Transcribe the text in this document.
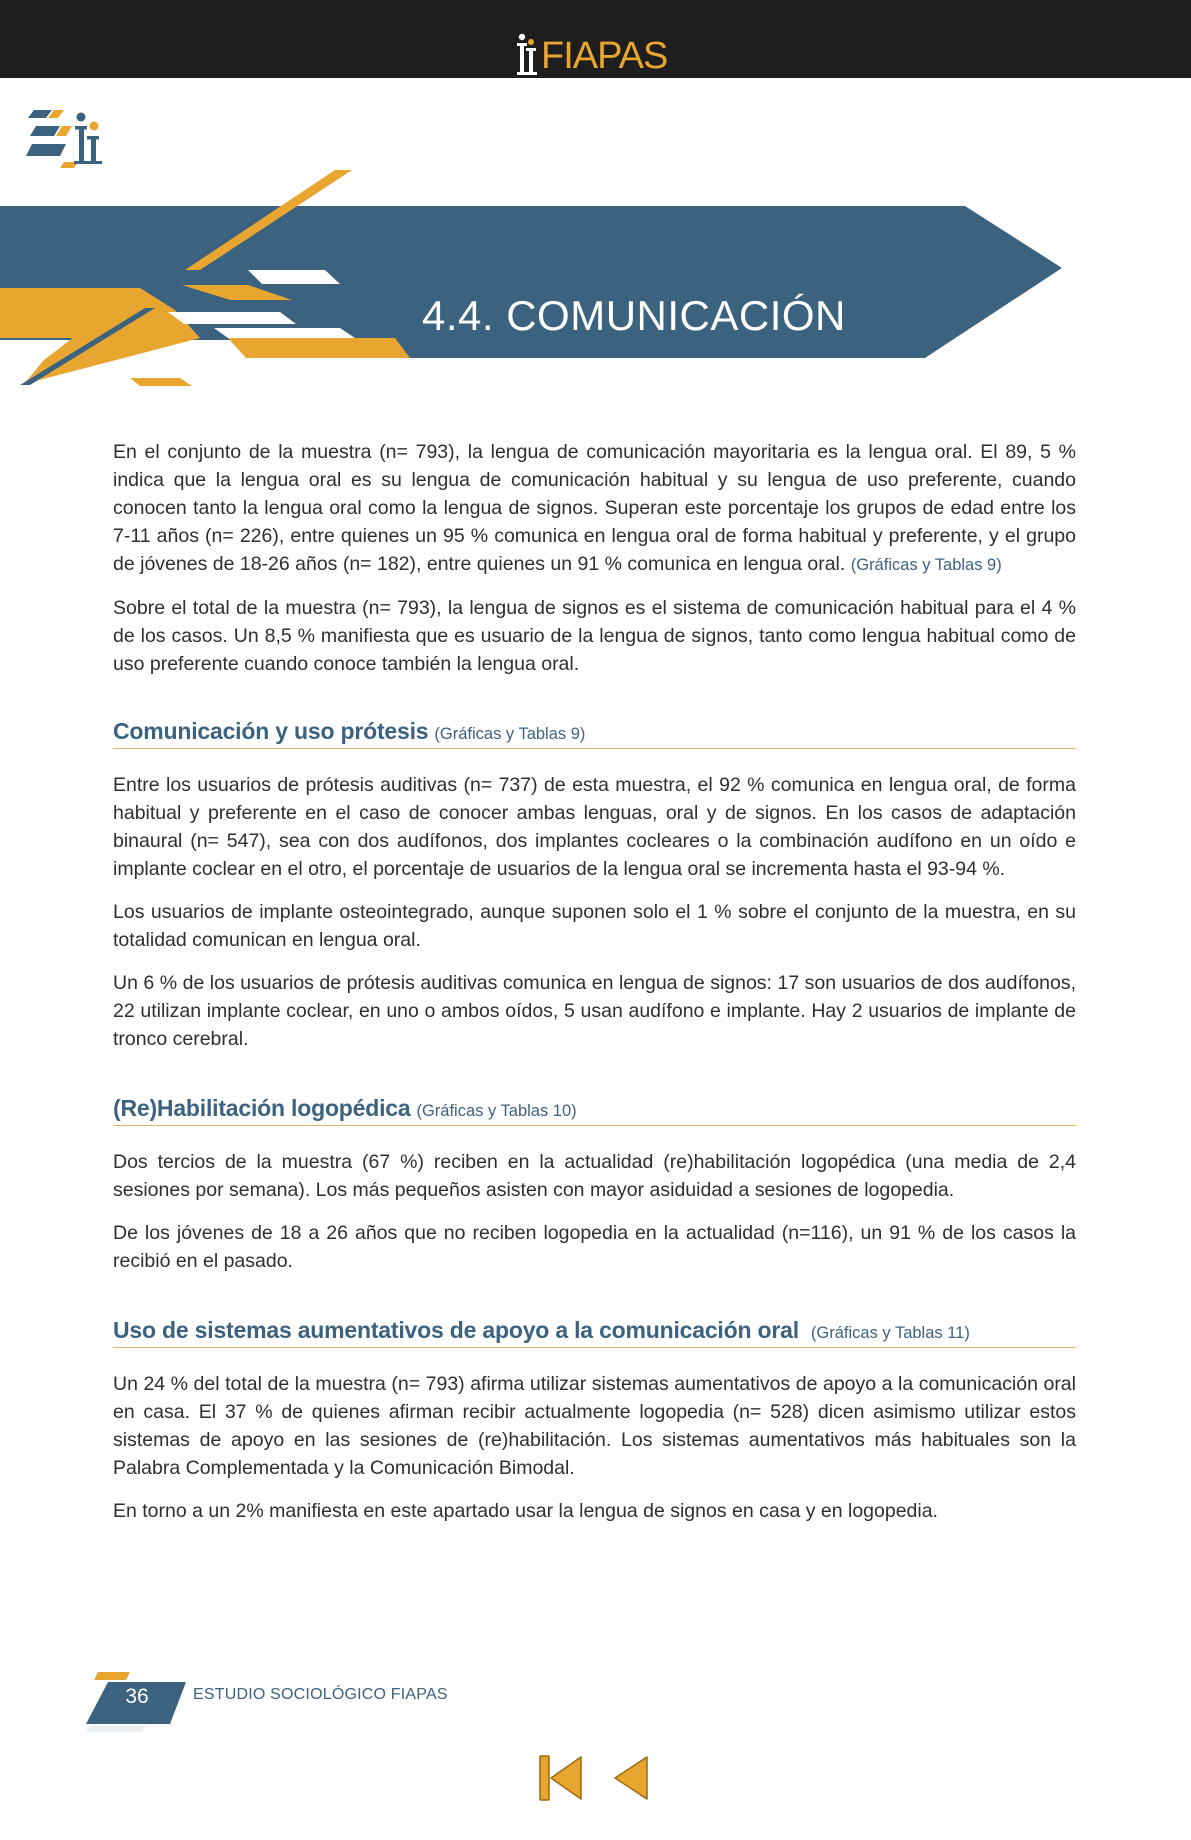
FIAPAS
4.4. COMUNICACIÓN

En el conjunto de la muestra (n= 793), la lengua de comunicación mayoritaria es la lengua oral. El 89, 5 % indica que la lengua oral es su lengua de comunicación habitual y su lengua de uso preferente, cuando conocen tanto la lengua oral como la lengua de signos. Superan este porcentaje los grupos de edad entre los 7-11 años (n= 226), entre quienes un 95 % comunica en lengua oral de forma habitual y preferente, y el grupo de jóvenes de 18-26 años (n= 182), entre quienes un 91 % comunica en lengua oral. (Gráficas y Tablas 9)

Sobre el total de la muestra (n= 793), la lengua de signos es el sistema de comunicación habitual para el 4 % de los casos. Un 8,5 % manifiesta que es usuario de la lengua de signos, tanto como lengua habitual como de uso preferente cuando conoce también la lengua oral.

Comunicación y uso prótesis (Gráficas y Tablas 9)

Entre los usuarios de prótesis auditivas (n= 737) de esta muestra, el 92 % comunica en lengua oral, de forma habitual y preferente en el caso de conocer ambas lenguas, oral y de signos. En los casos de adaptación binaural (n= 547), sea con dos audífonos, dos implantes cocleares o la combinación audífono en un oído e implante coclear en el otro, el porcentaje de usuarios de la lengua oral se incrementa hasta el 93-94 %.

Los usuarios de implante osteointegrado, aunque suponen solo el 1 % sobre el conjunto de la muestra, en su totalidad comunican en lengua oral.

Un 6 % de los usuarios de prótesis auditivas comunica en lengua de signos: 17 son usuarios de dos audífonos, 22 utilizan implante coclear, en uno o ambos oídos, 5 usan audífono e implante. Hay 2 usuarios de implante de tronco cerebral.

(Re)Habilitación logopédica (Gráficas y Tablas 10)

Dos tercios de la muestra (67 %) reciben en la actualidad (re)habilitación logopédica (una media de 2,4 sesiones por semana). Los más pequeños asisten con mayor asiduidad a sesiones de logopedia.

De los jóvenes de 18 a 26 años que no reciben logopedia en la actualidad (n=116), un 91 % de los casos la recibió en el pasado.

Uso de sistemas aumentativos de apoyo a la comunicación oral (Gráficas y Tablas 11)

Un 24 % del total de la muestra (n= 793) afirma utilizar sistemas aumentativos de apoyo a la comunicación oral en casa. El 37 % de quienes afirman recibir actualmente logopedia (n= 528) dicen asimismo utilizar estos sistemas de apoyo en las sesiones de (re)habilitación. Los sistemas aumentativos más habituales son la Palabra Complementada y la Comunicación Bimodal.

En torno a un 2% manifiesta en este apartado usar la lengua de signos en casa y en logopedia.

36	ESTUDIO SOCIOLÓGICO FIAPAS
